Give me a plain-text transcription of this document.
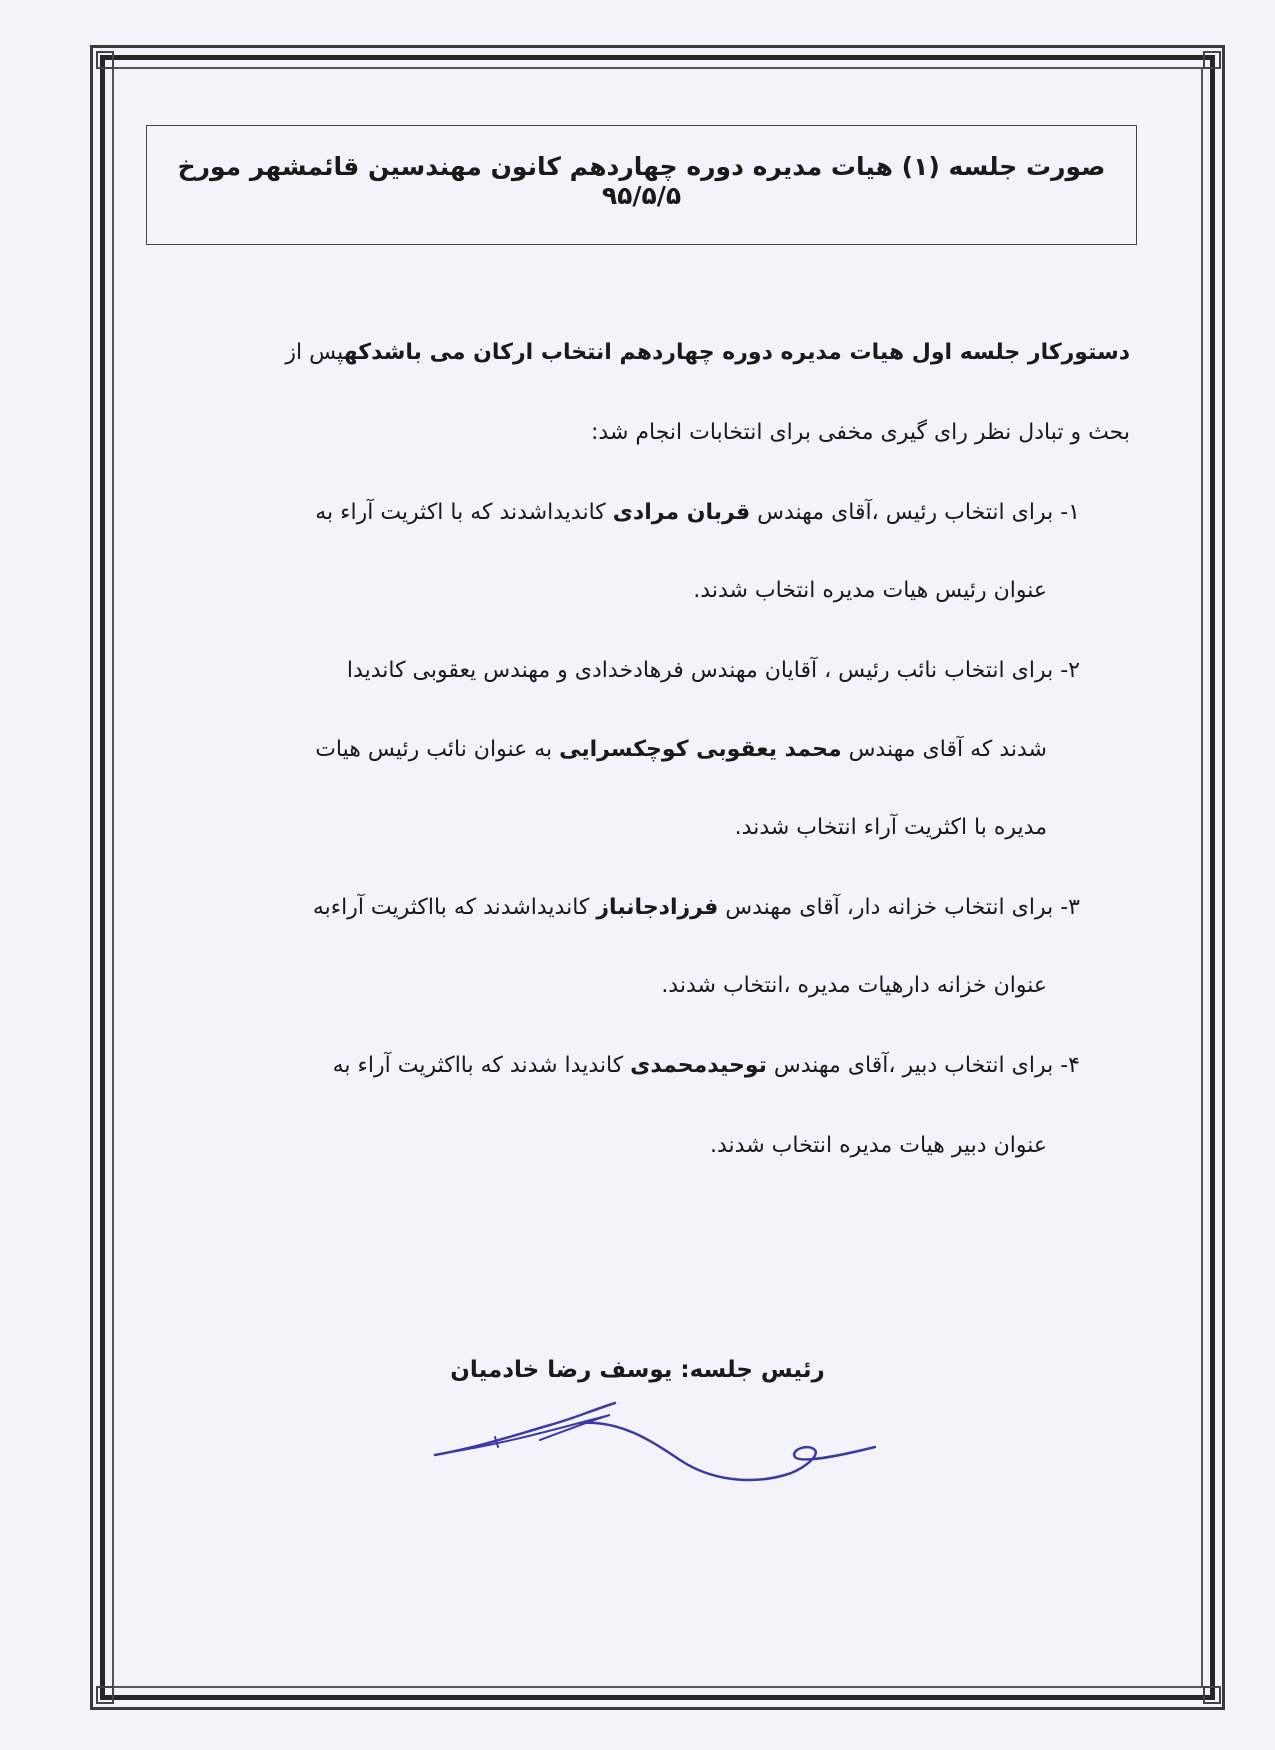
صورت جلسه (۱) هیات مدیره دوره چهاردهم کانون مهندسین قائمشهر مورخ ۹۵/۵/۵
دستورکار جلسه اول هیات مدیره دوره چهاردهم انتخاب ارکان می باشدکهپس از
بحث و تبادل نظر رای گیری مخفی برای انتخابات انجام شد:
۱- برای انتخاب رئیس ،آقای مهندس قربان مرادی کاندیداشدند که با اکثریت آراء به
عنوان رئیس هیات مدیره انتخاب شدند.
۲- برای انتخاب نائب رئیس ، آقایان مهندس فرهادخدادی و مهندس یعقوبی کاندیدا
شدند که آقای مهندس محمد یعقوبی کوچکسرایی به عنوان نائب رئیس هیات
مدیره با اکثریت آراء انتخاب شدند.
۳- برای انتخاب خزانه دار، آقای مهندس فرزادجانباز کاندیداشدند که بااکثریت آراءبه
عنوان خزانه دارهیات مدیره ،انتخاب شدند.
۴- برای انتخاب دبیر ،آقای مهندس توحیدمحمدی کاندیدا شدند که بااکثریت آراء به
عنوان دبیر هیات مدیره انتخاب شدند.
رئیس جلسه: یوسف رضا خادمیان
